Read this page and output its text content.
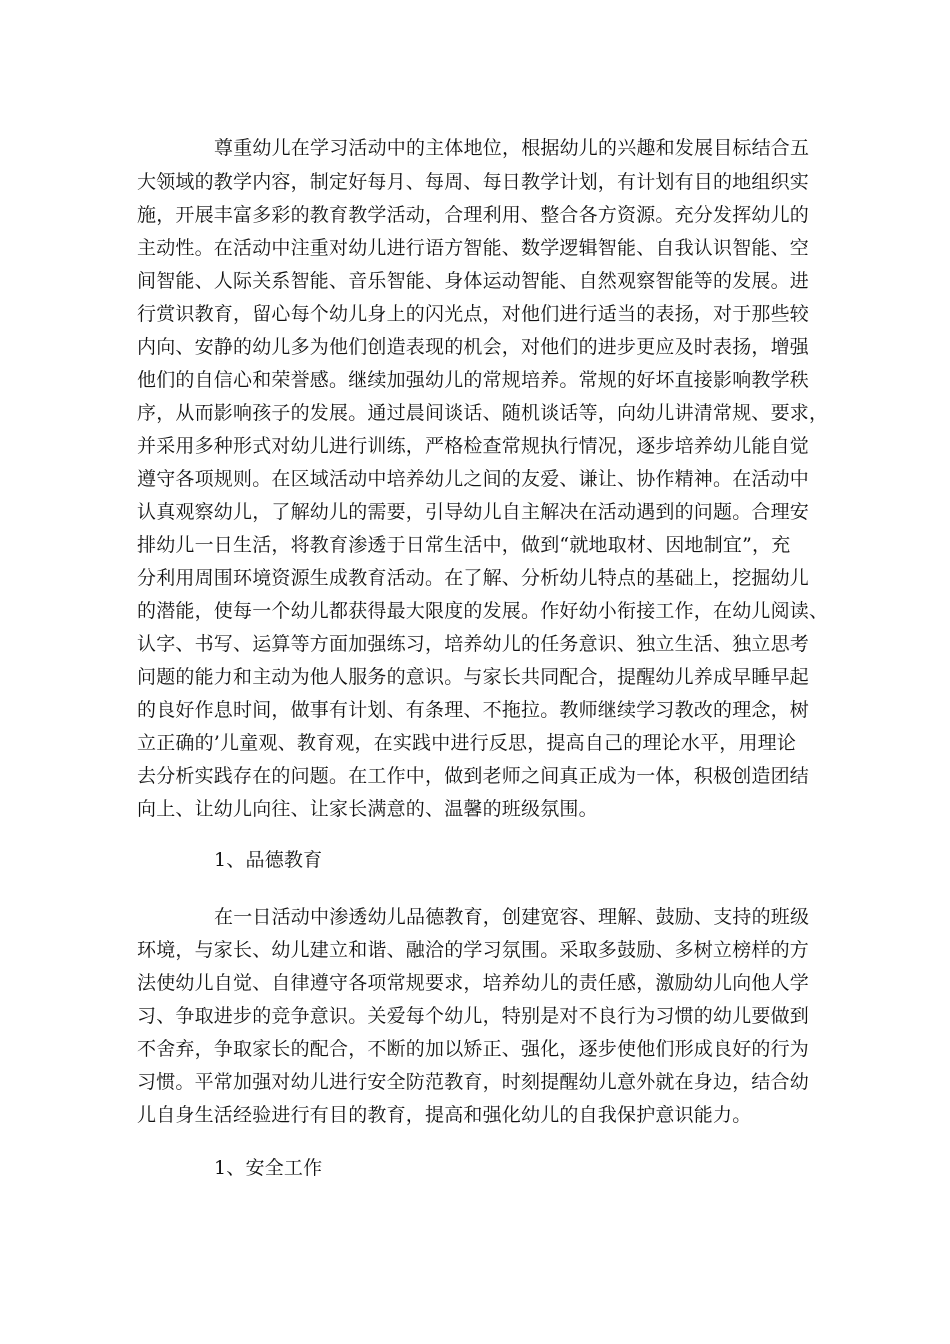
尊重幼儿在学习活动中的主体地位，根据幼儿的兴趣和发展目标结合五
大领域的教学内容，制定好每月、每周、每日教学计划，有计划有目的地组织实
施，开展丰富多彩的教育教学活动，合理利用、整合各方资源。充分发挥幼儿的
主动性。在活动中注重对幼儿进行语方智能、数学逻辑智能、自我认识智能、空
间智能、人际关系智能、音乐智能、身体运动智能、自然观察智能等的发展。进
行赏识教育，留心每个幼儿身上的闪光点，对他们进行适当的表扬，对于那些较
内向、安静的幼儿多为他们创造表现的机会，对他们的进步更应及时表扬，增强
他们的自信心和荣誉感。继续加强幼儿的常规培养。常规的好坏直接影响教学秩
序，从而影响孩子的发展。通过晨间谈话、随机谈话等，向幼儿讲清常规、要求，
并采用多种形式对幼儿进行训练，严格检查常规执行情况，逐步培养幼儿能自觉
遵守各项规则。在区域活动中培养幼儿之间的友爱、谦让、协作精神。在活动中
认真观察幼儿，了解幼儿的需要，引导幼儿自主解决在活动遇到的问题。合理安
排幼儿一日生活，将教育渗透于日常生活中，做到“就地取材、因地制宜”，充
分利用周围环境资源生成教育活动。在了解、分析幼儿特点的基础上，挖掘幼儿
的潜能，使每一个幼儿都获得最大限度的发展。作好幼小衔接工作，在幼儿阅读、
认字、书写、运算等方面加强练习，培养幼儿的任务意识、独立生活、独立思考
问题的能力和主动为他人服务的意识。与家长共同配合，提醒幼儿养成早睡早起
的良好作息时间，做事有计划、有条理、不拖拉。教师继续学习教改的理念，树
立正确的’儿童观、教育观，在实践中进行反思，提高自己的理论水平，用理论
去分析实践存在的问题。在工作中，做到老师之间真正成为一体，积极创造团结
向上、让幼儿向往、让家长满意的、温馨的班级氛围。
1、品德教育
在一日活动中渗透幼儿品德教育，创建宽容、理解、鼓励、支持的班级
环境，与家长、幼儿建立和谐、融洽的学习氛围。采取多鼓励、多树立榜样的方
法使幼儿自觉、自律遵守各项常规要求，培养幼儿的责任感，激励幼儿向他人学
习、争取进步的竞争意识。关爱每个幼儿，特别是对不良行为习惯的幼儿要做到
不舍弃，争取家长的配合，不断的加以矫正、强化，逐步使他们形成良好的行为
习惯。平常加强对幼儿进行安全防范教育，时刻提醒幼儿意外就在身边，结合幼
儿自身生活经验进行有目的教育，提高和强化幼儿的自我保护意识能力。
1、安全工作
